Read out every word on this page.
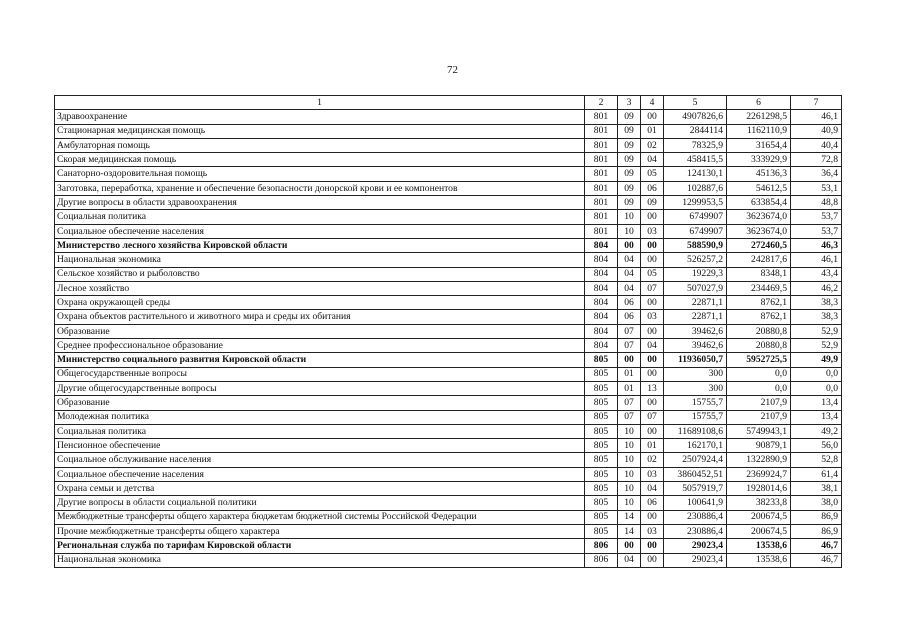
72
1	2	3	4	5	6	7
Здравоохранение	801	09	00	4907826,6	2261298,5	46,1
Стационарная медицинская помощь	801	09	01	2844114	1162110,9	40,9
Амбулаторная помощь	801	09	02	78325,9	31654,4	40,4
Скорая медицинская помощь	801	09	04	458415,5	333929,9	72,8
Санаторно-оздоровительная помощь	801	09	05	124130,1	45136,3	36,4
Заготовка, переработка, хранение и обеспечение безопасности донорской крови и ее компонентов	801	09	06	102887,6	54612,5	53,1
Другие вопросы в области здравоохранения	801	09	09	1299953,5	633854,4	48,8
Социальная политика	801	10	00	6749907	3623674,0	53,7
Социальное обеспечение населения	801	10	03	6749907	3623674,0	53,7
Министерство лесного хозяйства Кировской области	804	00	00	588590,9	272460,5	46,3
Национальная экономика	804	04	00	526257,2	242817,6	46,1
Сельское хозяйство и рыболовство	804	04	05	19229,3	8348,1	43,4
Лесное хозяйство	804	04	07	507027,9	234469,5	46,2
Охрана окружающей среды	804	06	00	22871,1	8762,1	38,3
Охрана объектов растительного и животного мира и среды их обитания	804	06	03	22871,1	8762,1	38,3
Образование	804	07	00	39462,6	20880,8	52,9
Среднее профессиональное образование	804	07	04	39462,6	20880,8	52,9
Министерство социального развития Кировской области	805	00	00	11936050,7	5952725,5	49,9
Общегосударственные вопросы	805	01	00	300	0,0	0,0
Другие общегосударственные вопросы	805	01	13	300	0,0	0,0
Образование	805	07	00	15755,7	2107,9	13,4
Молодежная политика	805	07	07	15755,7	2107,9	13,4
Социальная политика	805	10	00	11689108,6	5749943,1	49,2
Пенсионное обеспечение	805	10	01	162170,1	90879,1	56,0
Социальное обслуживание населения	805	10	02	2507924,4	1322890,9	52,8
Социальное обеспечение населения	805	10	03	3860452,51	2369924,7	61,4
Охрана семьи и детства	805	10	04	5057919,7	1928014,6	38,1
Другие вопросы в области социальной политики	805	10	06	100641,9	38233,8	38,0
Межбюджетные трансферты общего характера бюджетам бюджетной системы Российской Федерации	805	14	00	230886,4	200674,5	86,9
Прочие межбюджетные трансферты общего характера	805	14	03	230886,4	200674,5	86,9
Региональная служба по тарифам Кировской области	806	00	00	29023,4	13538,6	46,7
Национальная экономика	806	04	00	29023,4	13538,6	46,7
